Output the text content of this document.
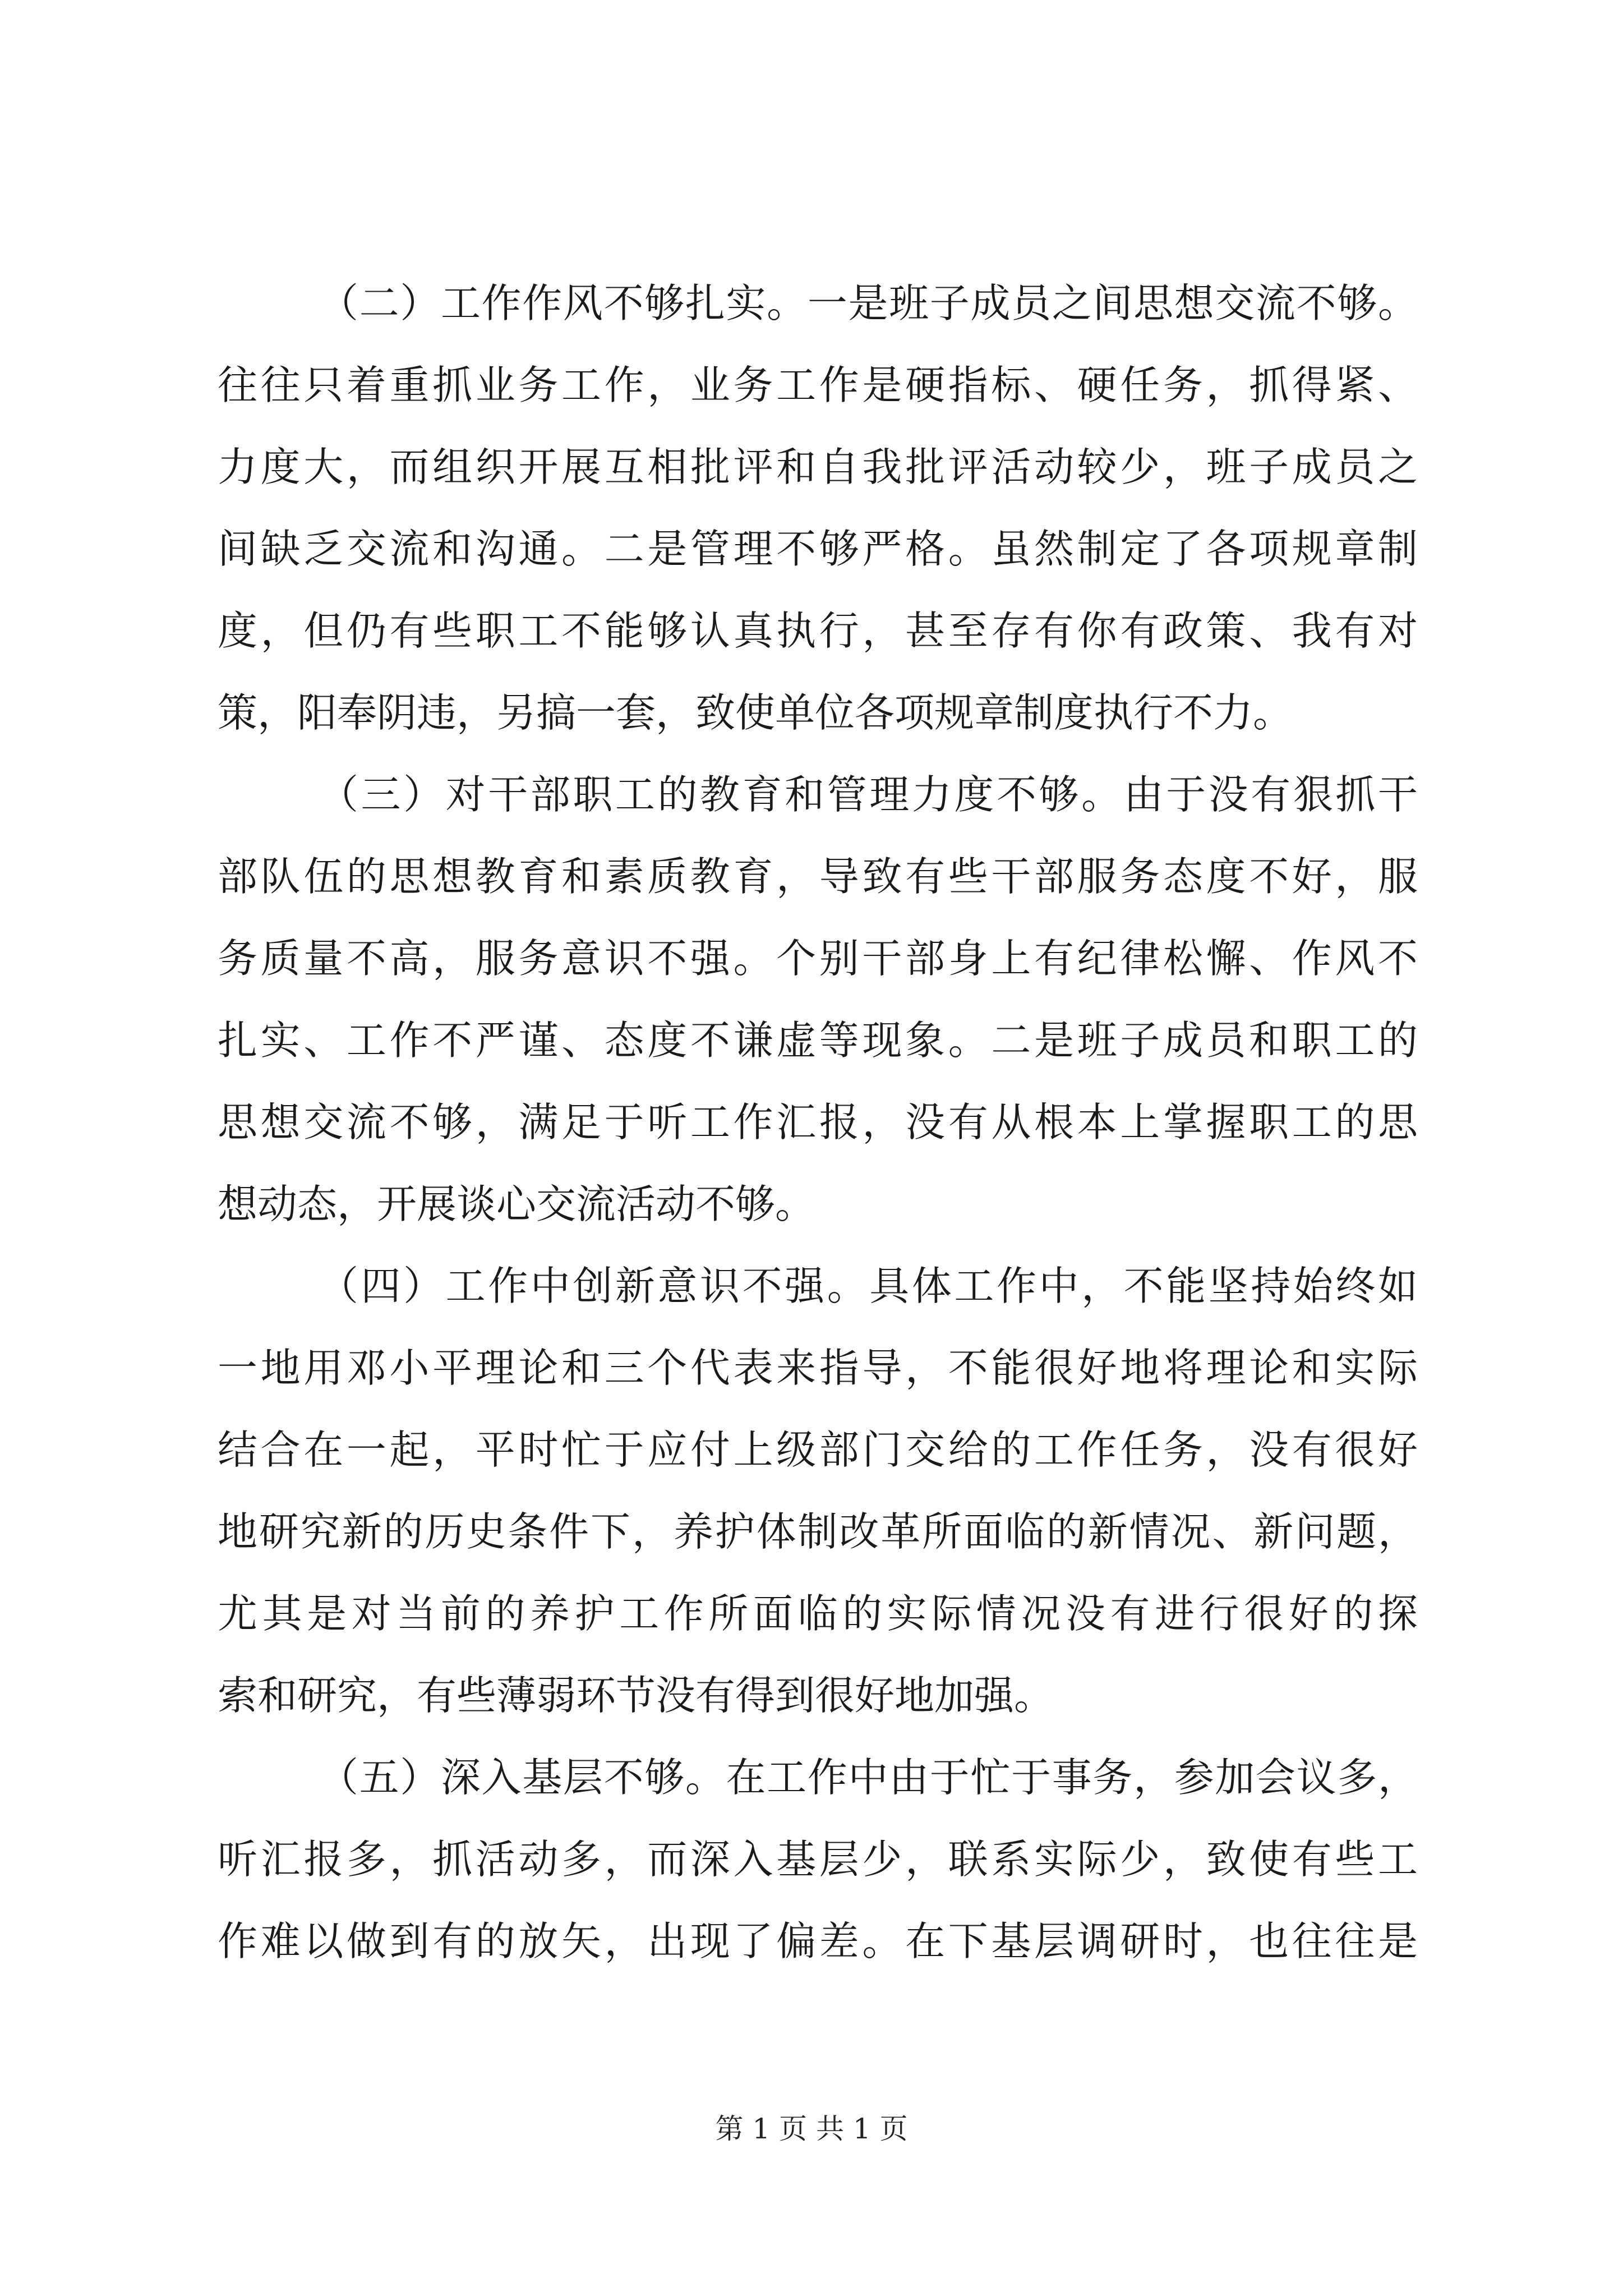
（二）工作作风不够扎实。一是班子成员之间思想交流不够。
往往只着重抓业务工作，业务工作是硬指标、硬任务，抓得紧、
力度大，而组织开展互相批评和自我批评活动较少，班子成员之
间缺乏交流和沟通。二是管理不够严格。虽然制定了各项规章制
度，但仍有些职工不能够认真执行，甚至存有你有政策、我有对
策，阳奉阴违，另搞一套，致使单位各项规章制度执行不力。
（三）对干部职工的教育和管理力度不够。由于没有狠抓干
部队伍的思想教育和素质教育，导致有些干部服务态度不好，服
务质量不高，服务意识不强。个别干部身上有纪律松懈、作风不
扎实、工作不严谨、态度不谦虚等现象。二是班子成员和职工的
思想交流不够，满足于听工作汇报，没有从根本上掌握职工的思
想动态，开展谈心交流活动不够。
（四）工作中创新意识不强。具体工作中，不能坚持始终如
一地用邓小平理论和三个代表来指导，不能很好地将理论和实际
结合在一起，平时忙于应付上级部门交给的工作任务，没有很好
地研究新的历史条件下，养护体制改革所面临的新情况、新问题，
尤其是对当前的养护工作所面临的实际情况没有进行很好的探
索和研究，有些薄弱环节没有得到很好地加强。
（五）深入基层不够。在工作中由于忙于事务，参加会议多，
听汇报多，抓活动多，而深入基层少，联系实际少，致使有些工
作难以做到有的放矢，出现了偏差。在下基层调研时，也往往是
第 1 页 共 1 页
